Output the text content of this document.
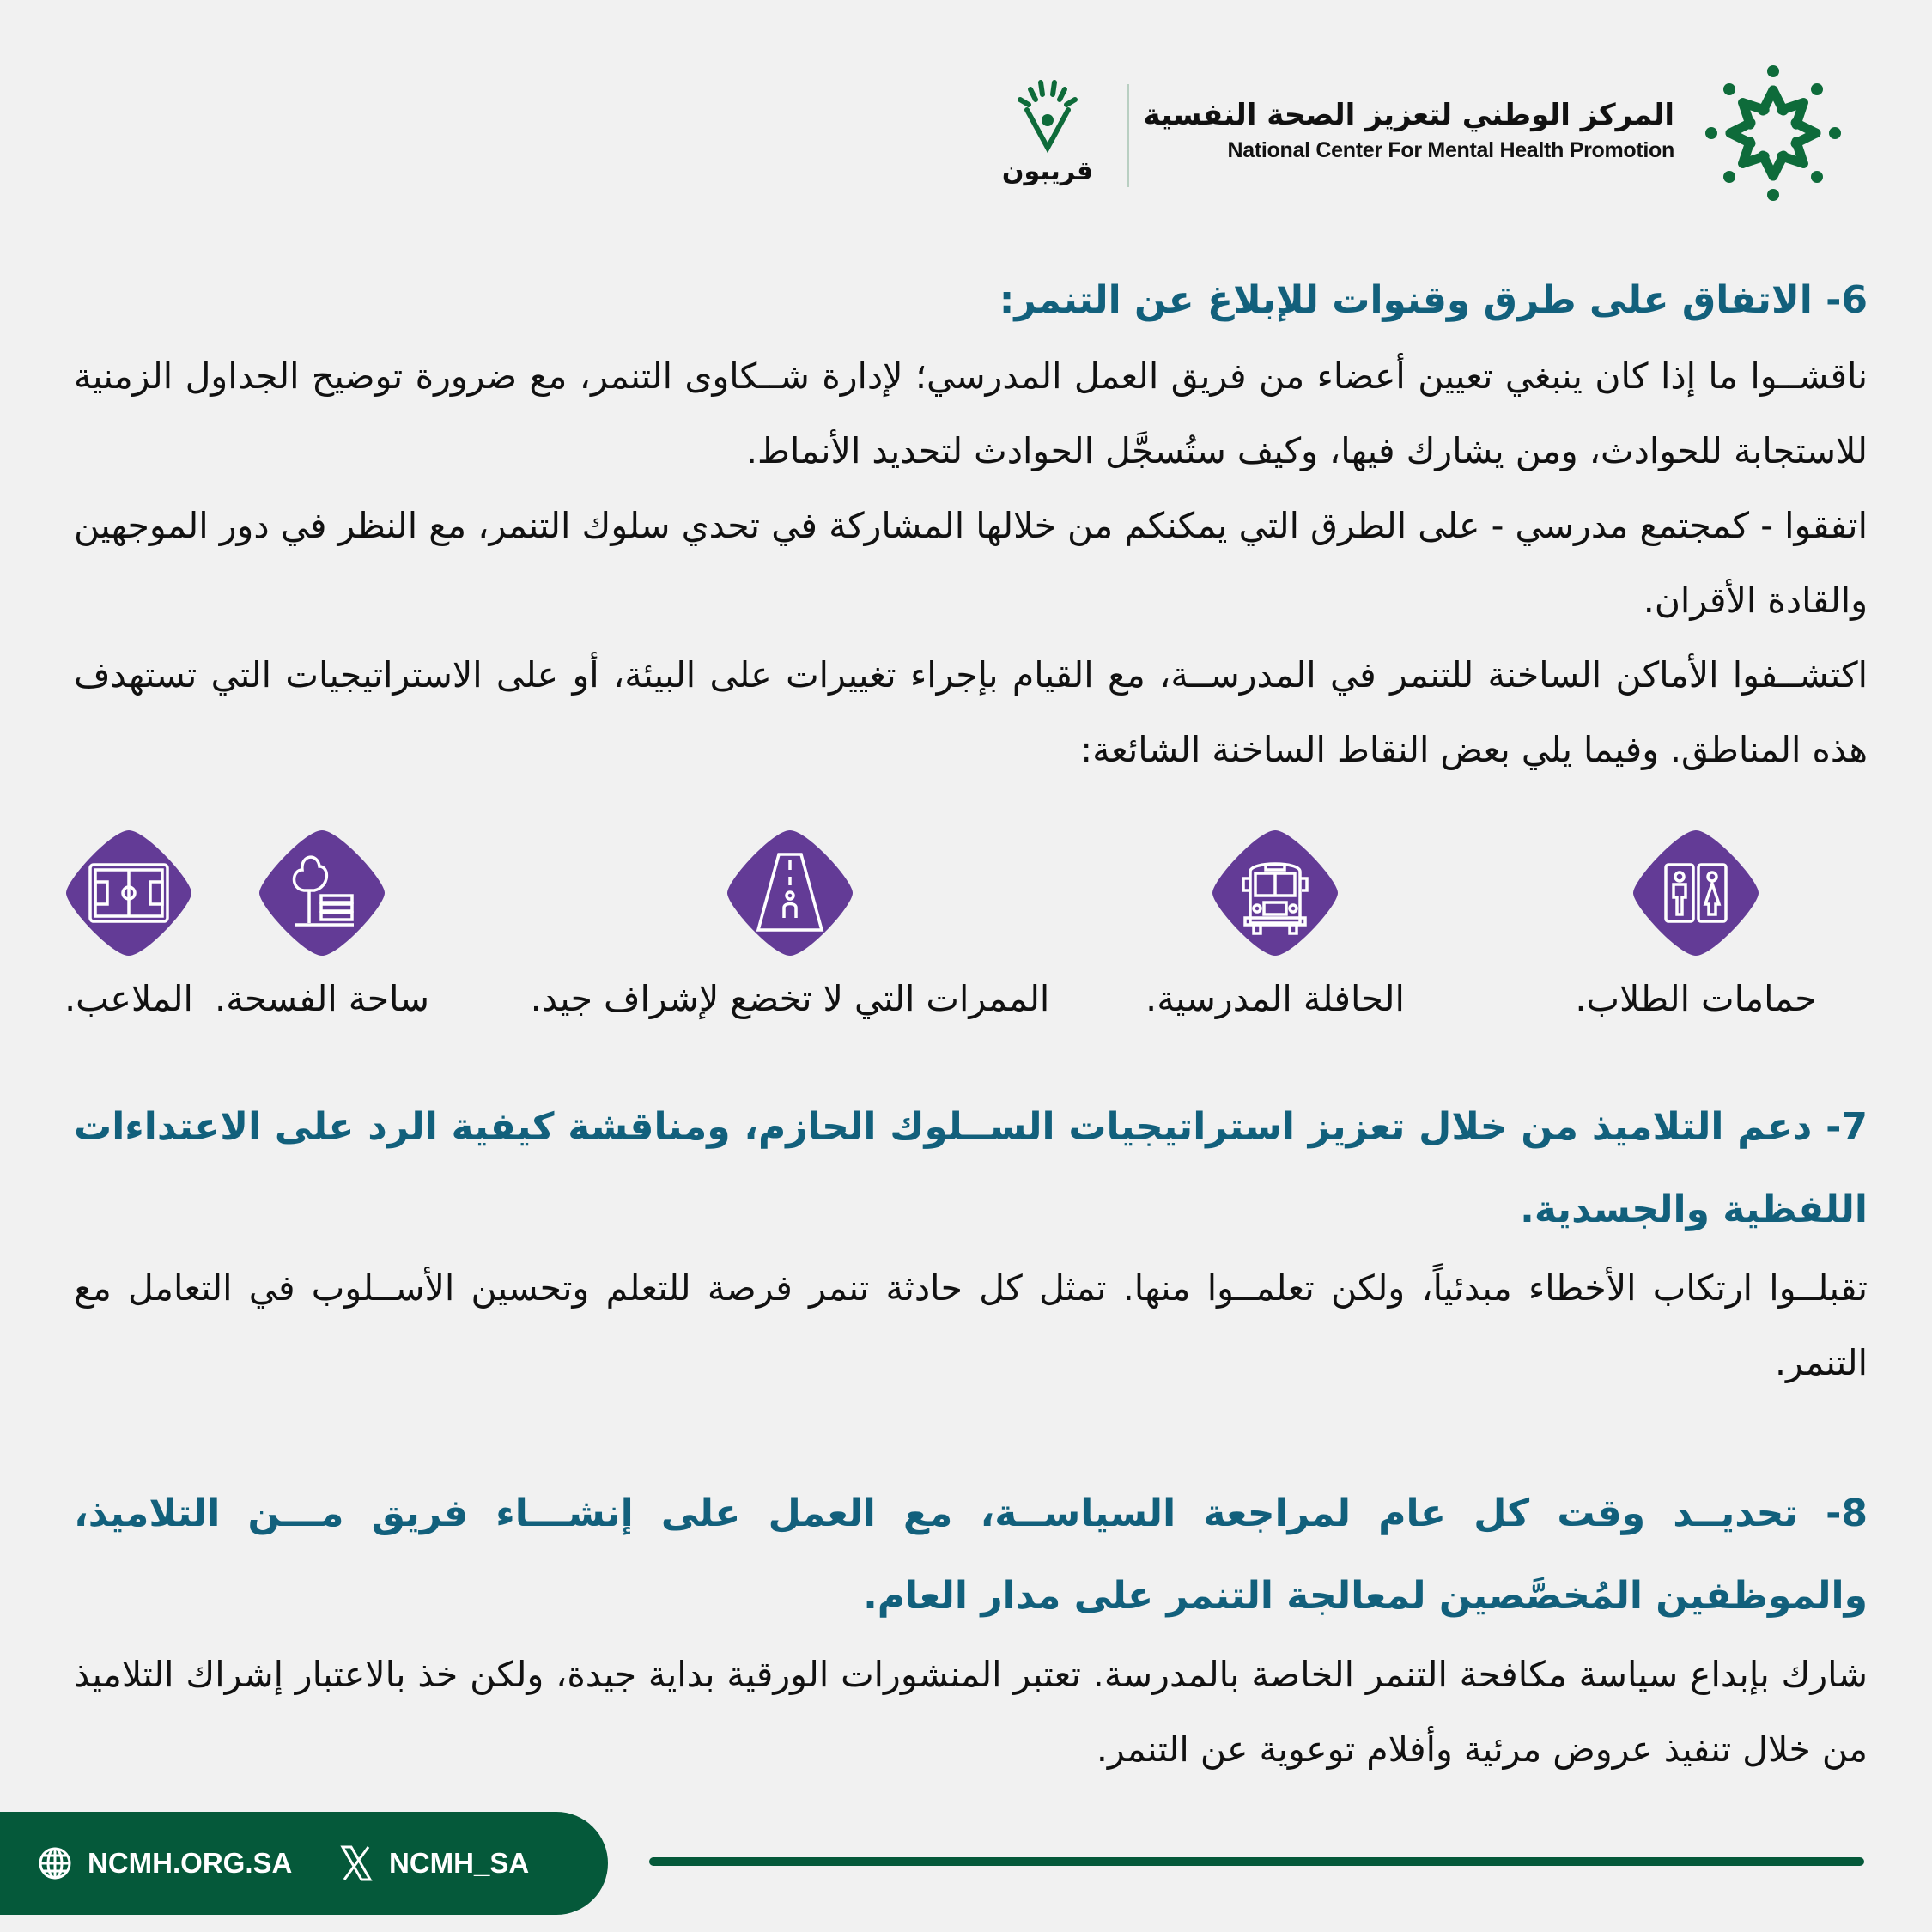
المركز الوطني لتعزيز الصحة النفسية
National Center For Mental Health Promotion
قريبون
6- الاتفاق على طرق وقنوات للإبلاغ عن التنمر:

ناقشــوا ما إذا كان ينبغي تعيين أعضاء من فريق العمل المدرسي؛ لإدارة شــكاوى التنمر، مع ضرورة توضيح الجداول الزمنية للاستجابة للحوادث، ومن يشارك فيها، وكيف ستُسجَّل الحوادث لتحديد الأنماط.

اتفقوا - كمجتمع مدرسي - على الطرق التي يمكنكم من خلالها المشاركة في تحدي سلوك التنمر، مع النظر في دور الموجهين والقادة الأقران.

اكتشــفوا الأماكن الساخنة للتنمر في المدرســة، مع القيام بإجراء تغييرات على البيئة، أو على الاستراتيجيات التي تستهدف هذه المناطق. وفيما يلي بعض النقاط الساخنة الشائعة:

حمامات الطلاب.
الحافلة المدرسية.
الممرات التي لا تخضع لإشراف جيد.
ساحة الفسحة.
الملاعب.
7- دعم التلاميذ من خلال تعزيز استراتيجيات الســلوك الحازم، ومناقشة كيفية الرد على الاعتداءات اللفظية والجسدية.

تقبلــوا ارتكاب الأخطاء مبدئياً، ولكن تعلمــوا منها. تمثل كل حادثة تنمر فرصة للتعلم وتحسين الأســلوب في التعامل مع التنمر.

8- تحديــد وقت كل عام لمراجعة السياســة، مع العمل على إنشـــاء فريق مـــن التلاميذ، والموظفين المُخصَّصين لمعالجة التنمر على مدار العام.

شارك بإبداع سياسة مكافحة التنمر الخاصة بالمدرسة. تعتبر المنشورات الورقية بداية جيدة، ولكن خذ بالاعتبار إشراك التلاميذ من خلال تنفيذ عروض مرئية وأفلام توعوية عن التنمر.

NCMH.ORG.SA	NCMH_SA
